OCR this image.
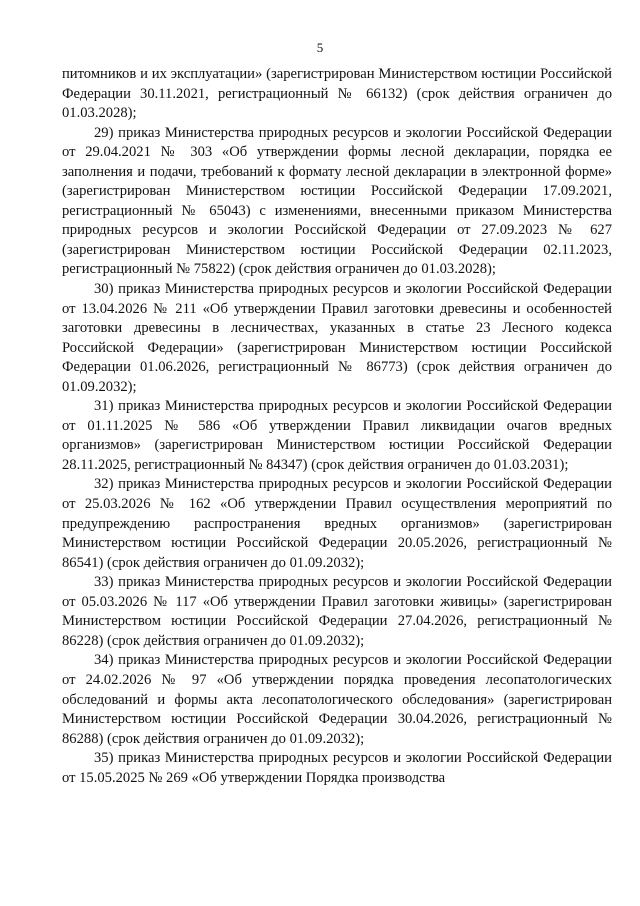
5

питомников и их эксплуатации» (зарегистрирован Министерством юстиции Российской Федерации 30.11.2021, регистрационный № 66132) (срок действия ограничен до 01.03.2028);

29) приказ Министерства природных ресурсов и экологии Российской Федерации от 29.04.2021 № 303 «Об утверждении формы лесной декларации, порядка ее заполнения и подачи, требований к формату лесной декларации в электронной форме» (зарегистрирован Министерством юстиции Российской Федерации 17.09.2021, регистрационный № 65043) с изменениями, внесенными приказом Министерства природных ресурсов и экологии Российской Федерации от 27.09.2023 № 627 (зарегистрирован Министерством юстиции Российской Федерации 02.11.2023, регистрационный № 75822) (срок действия ограничен до 01.03.2028);

30) приказ Министерства природных ресурсов и экологии Российской Федерации от 13.04.2026 № 211 «Об утверждении Правил заготовки древесины и особенностей заготовки древесины в лесничествах, указанных в статье 23 Лесного кодекса Российской Федерации» (зарегистрирован Министерством юстиции Российской Федерации 01.06.2026, регистрационный № 86773) (срок действия ограничен до 01.09.2032);

31) приказ Министерства природных ресурсов и экологии Российской Федерации от 01.11.2025 № 586 «Об утверждении Правил ликвидации очагов вредных организмов» (зарегистрирован Министерством юстиции Российской Федерации 28.11.2025, регистрационный № 84347) (срок действия ограничен до 01.03.2031);

32) приказ Министерства природных ресурсов и экологии Российской Федерации от 25.03.2026 № 162 «Об утверждении Правил осуществления мероприятий по предупреждению распространения вредных организмов» (зарегистрирован Министерством юстиции Российской Федерации 20.05.2026, регистрационный № 86541) (срок действия ограничен до 01.09.2032);

33) приказ Министерства природных ресурсов и экологии Российской Федерации от 05.03.2026 № 117 «Об утверждении Правил заготовки живицы» (зарегистрирован Министерством юстиции Российской Федерации 27.04.2026, регистрационный № 86228) (срок действия ограничен до 01.09.2032);

34) приказ Министерства природных ресурсов и экологии Российской Федерации от 24.02.2026 № 97 «Об утверждении порядка проведения лесопатологических обследований и формы акта лесопатологического обследования» (зарегистрирован Министерством юстиции Российской Федерации 30.04.2026, регистрационный № 86288) (срок действия ограничен до 01.09.2032);

35) приказ Министерства природных ресурсов и экологии Российской Федерации от 15.05.2025 № 269 «Об утверждении Порядка производства
